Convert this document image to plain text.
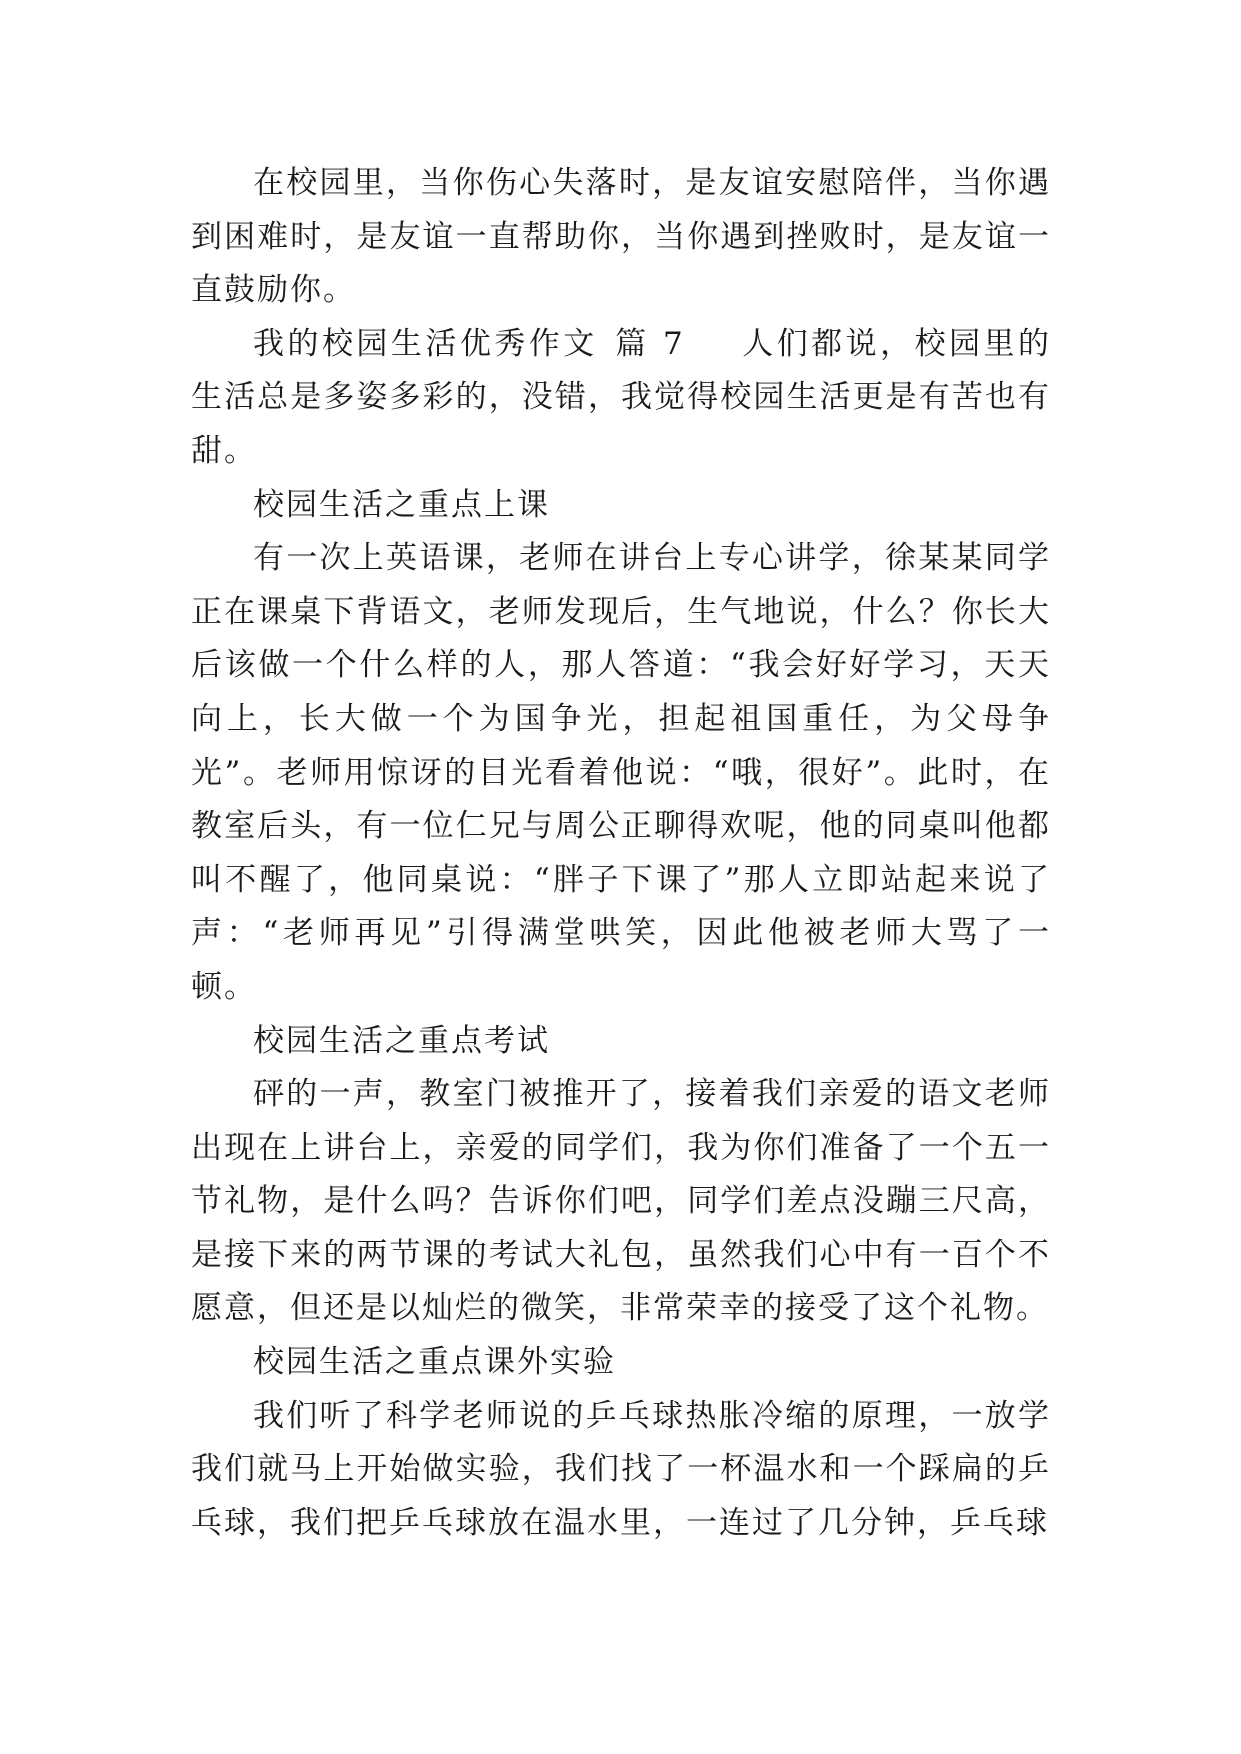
在校园里，当你伤心失落时，是友谊安慰陪伴，当你遇到困难时，是友谊一直帮助你，当你遇到挫败时，是友谊一直鼓励你。

我的校园生活优秀作文 篇 7 人们都说，校园里的生活总是多姿多彩的，没错，我觉得校园生活更是有苦也有甜。

校园生活之重点上课

有一次上英语课，老师在讲台上专心讲学，徐某某同学正在课桌下背语文，老师发现后，生气地说，什么？你长大后该做一个什么样的人，那人答道：“我会好好学习，天天向上，长大做一个为国争光，担起祖国重任，为父母争光”。老师用惊讶的目光看着他说：“哦，很好”。此时，在教室后头，有一位仁兄与周公正聊得欢呢，他的同桌叫他都叫不醒了，他同桌说：“胖子下课了”那人立即站起来说了声：“老师再见”引得满堂哄笑，因此他被老师大骂了一顿。

校园生活之重点考试

砰的一声，教室门被推开了，接着我们亲爱的语文老师出现在上讲台上，亲爱的同学们，我为你们准备了一个五一节礼物，是什么吗？告诉你们吧，同学们差点没蹦三尺高，是接下来的两节课的考试大礼包，虽然我们心中有一百个不愿意，但还是以灿烂的微笑，非常荣幸的接受了这个礼物。

校园生活之重点课外实验

我们听了科学老师说的乒乓球热胀冷缩的原理，一放学我们就马上开始做实验，我们找了一杯温水和一个踩扁的乒乓球，我们把乒乓球放在温水里，一连过了几分钟，乒乓球
